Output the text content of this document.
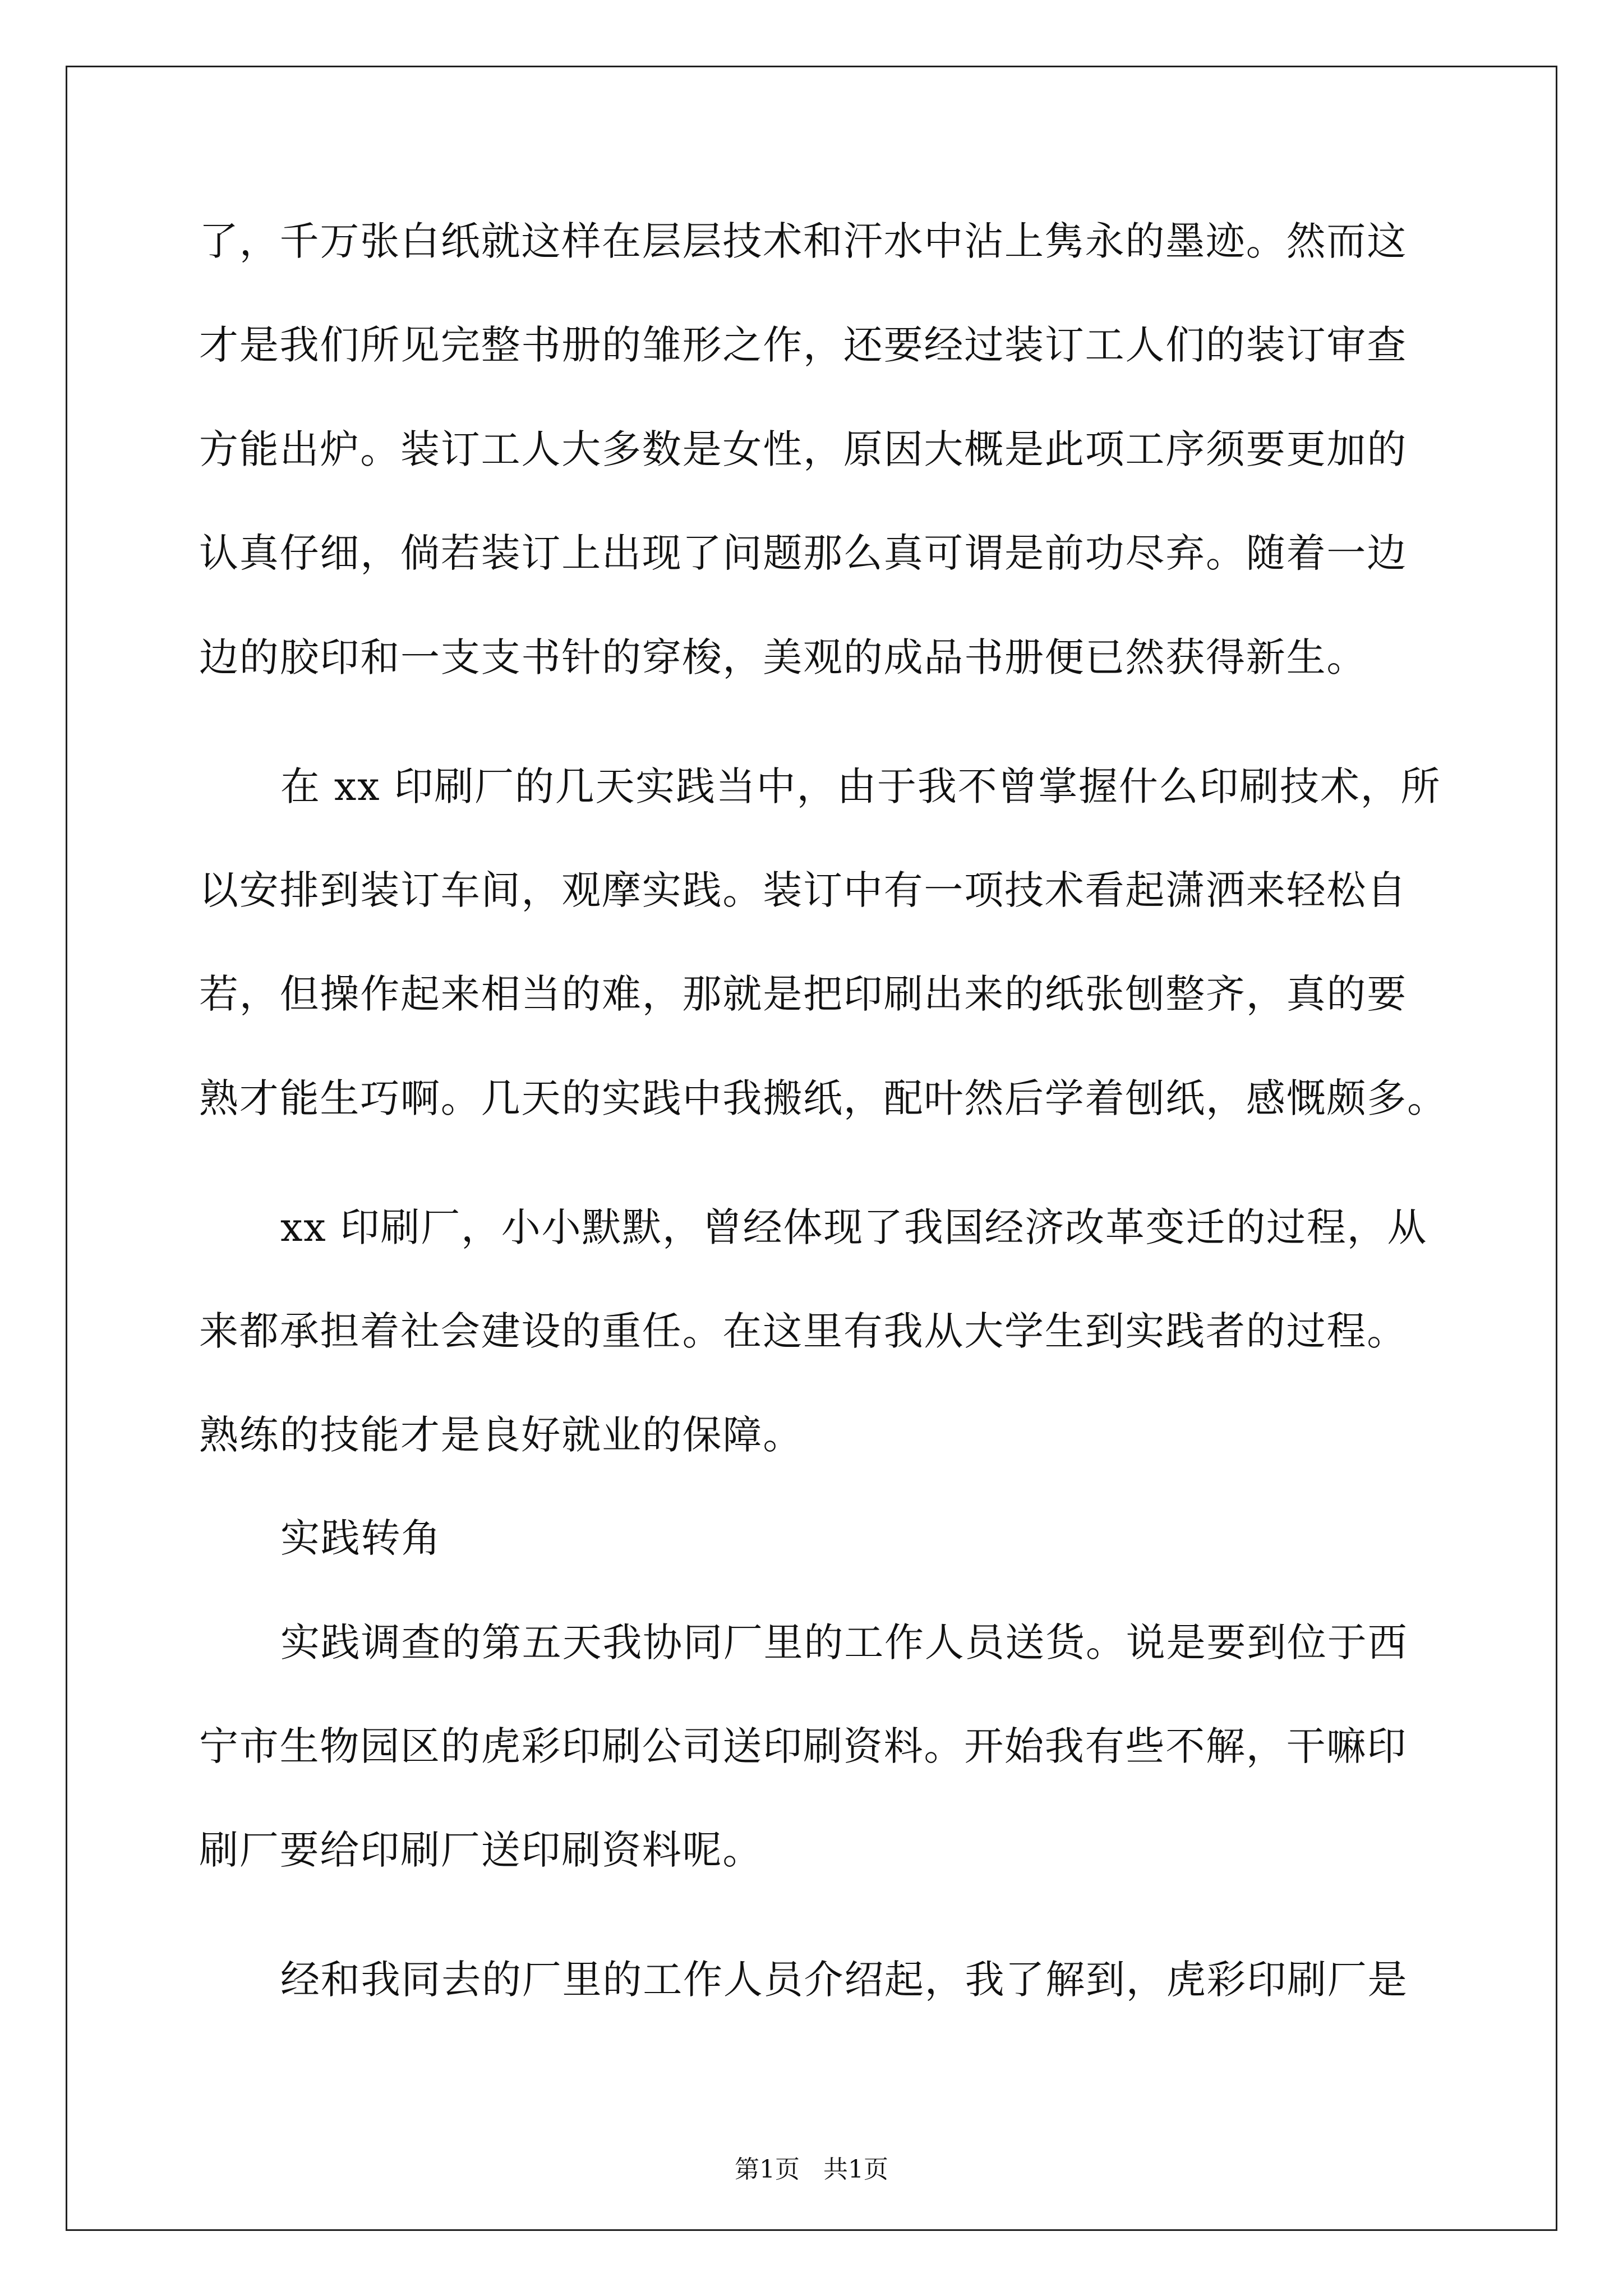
了，千万张白纸就这样在层层技术和汗水中沾上隽永的墨迹。然而这
才是我们所见完整书册的雏形之作，还要经过装订工人们的装订审查
方能出炉。装订工人大多数是女性，原因大概是此项工序须要更加的
认真仔细，倘若装订上出现了问题那么真可谓是前功尽弃。随着一边
边的胶印和一支支书针的穿梭，美观的成品书册便已然获得新生。
在 xx 印刷厂的几天实践当中，由于我不曾掌握什么印刷技术，所
以安排到装订车间，观摩实践。装订中有一项技术看起潇洒来轻松自
若，但操作起来相当的难，那就是把印刷出来的纸张刨整齐，真的要
熟才能生巧啊。几天的实践中我搬纸，配叶然后学着刨纸，感慨颇多。
xx 印刷厂，小小默默，曾经体现了我国经济改革变迁的过程，从
来都承担着社会建设的重任。在这里有我从大学生到实践者的过程。
熟练的技能才是良好就业的保障。
实践转角
实践调查的第五天我协同厂里的工作人员送货。说是要到位于西
宁市生物园区的虎彩印刷公司送印刷资料。开始我有些不解，干嘛印
刷厂要给印刷厂送印刷资料呢。
经和我同去的厂里的工作人员介绍起，我了解到，虎彩印刷厂是
第1页   共1页
